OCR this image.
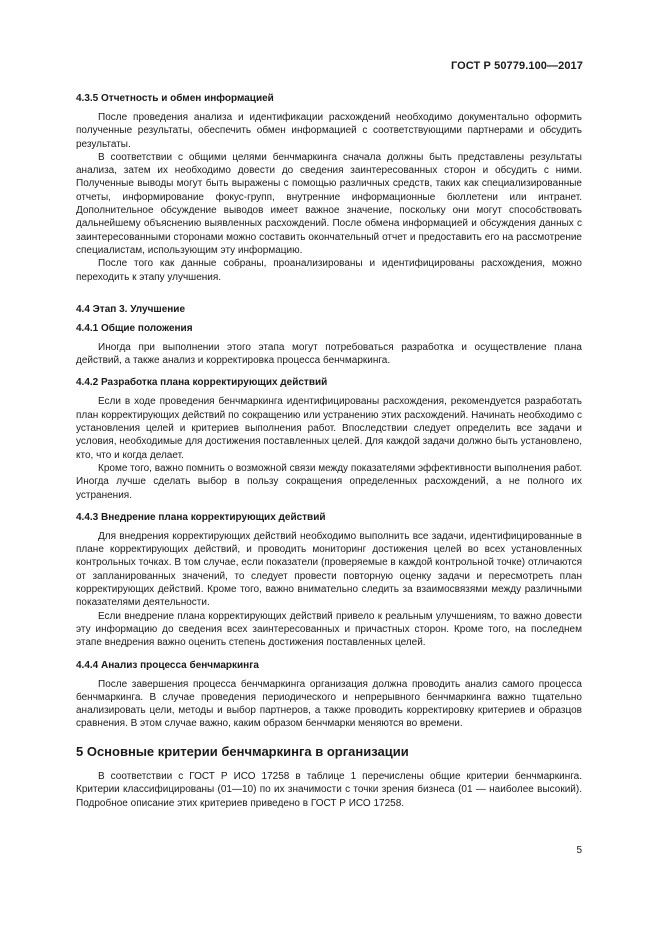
ГОСТ Р 50779.100—2017

4.3.5 Отчетность и обмен информацией

После проведения анализа и идентификации расхождений необходимо документально оформить полученные результаты, обеспечить обмен информацией с соответствующими партнерами и обсудить результаты.

В соответствии с общими целями бенчмаркинга сначала должны быть представлены результаты анализа, затем их необходимо довести до сведения заинтересованных сторон и обсудить с ними. Полученные выводы могут быть выражены с помощью различных средств, таких как специализированные отчеты, информирование фокус-групп, внутренние информационные бюллетени или интранет. Дополнительное обсуждение выводов имеет важное значение, поскольку они могут способствовать дальнейшему объяснению выявленных расхождений. После обмена информацией и обсуждения данных с заинтересованными сторонами можно составить окончательный отчет и предоставить его на рассмотрение специалистам, использующим эту информацию.

После того как данные собраны, проанализированы и идентифицированы расхождения, можно переходить к этапу улучшения.

4.4 Этап 3. Улучшение

4.4.1 Общие положения

Иногда при выполнении этого этапа могут потребоваться разработка и осуществление плана действий, а также анализ и корректировка процесса бенчмаркинга.

4.4.2 Разработка плана корректирующих действий

Если в ходе проведения бенчмаркинга идентифицированы расхождения, рекомендуется разработать план корректирующих действий по сокращению или устранению этих расхождений. Начинать необходимо с установления целей и критериев выполнения работ. Впоследствии следует определить все задачи и условия, необходимые для достижения поставленных целей. Для каждой задачи должно быть установлено, кто, что и когда делает.

Кроме того, важно помнить о возможной связи между показателями эффективности выполнения работ. Иногда лучше сделать выбор в пользу сокращения определенных расхождений, а не полного их устранения.

4.4.3 Внедрение плана корректирующих действий

Для внедрения корректирующих действий необходимо выполнить все задачи, идентифицированные в плане корректирующих действий, и проводить мониторинг достижения целей во всех установленных контрольных точках. В том случае, если показатели (проверяемые в каждой контрольной точке) отличаются от запланированных значений, то следует провести повторную оценку задачи и пересмотреть план корректирующих действий. Кроме того, важно внимательно следить за взаимосвязями между различными показателями деятельности.

Если внедрение плана корректирующих действий привело к реальным улучшениям, то важно довести эту информацию до сведения всех заинтересованных и причастных сторон. Кроме того, на последнем этапе внедрения важно оценить степень достижения поставленных целей.

4.4.4 Анализ процесса бенчмаркинга

После завершения процесса бенчмаркинга организация должна проводить анализ самого процесса бенчмаркинга. В случае проведения периодического и непрерывного бенчмаркинга важно тщательно анализировать цели, методы и выбор партнеров, а также проводить корректировку критериев и образцов сравнения. В этом случае важно, каким образом бенчмарки меняются во времени.

5 Основные критерии бенчмаркинга в организации

В соответствии с ГОСТ Р ИСО 17258 в таблице 1 перечислены общие критерии бенчмаркинга. Критерии классифицированы (01—10) по их значимости с точки зрения бизнеса (01 — наиболее высокий). Подробное описание этих критериев приведено в ГОСТ Р ИСО 17258.

5
